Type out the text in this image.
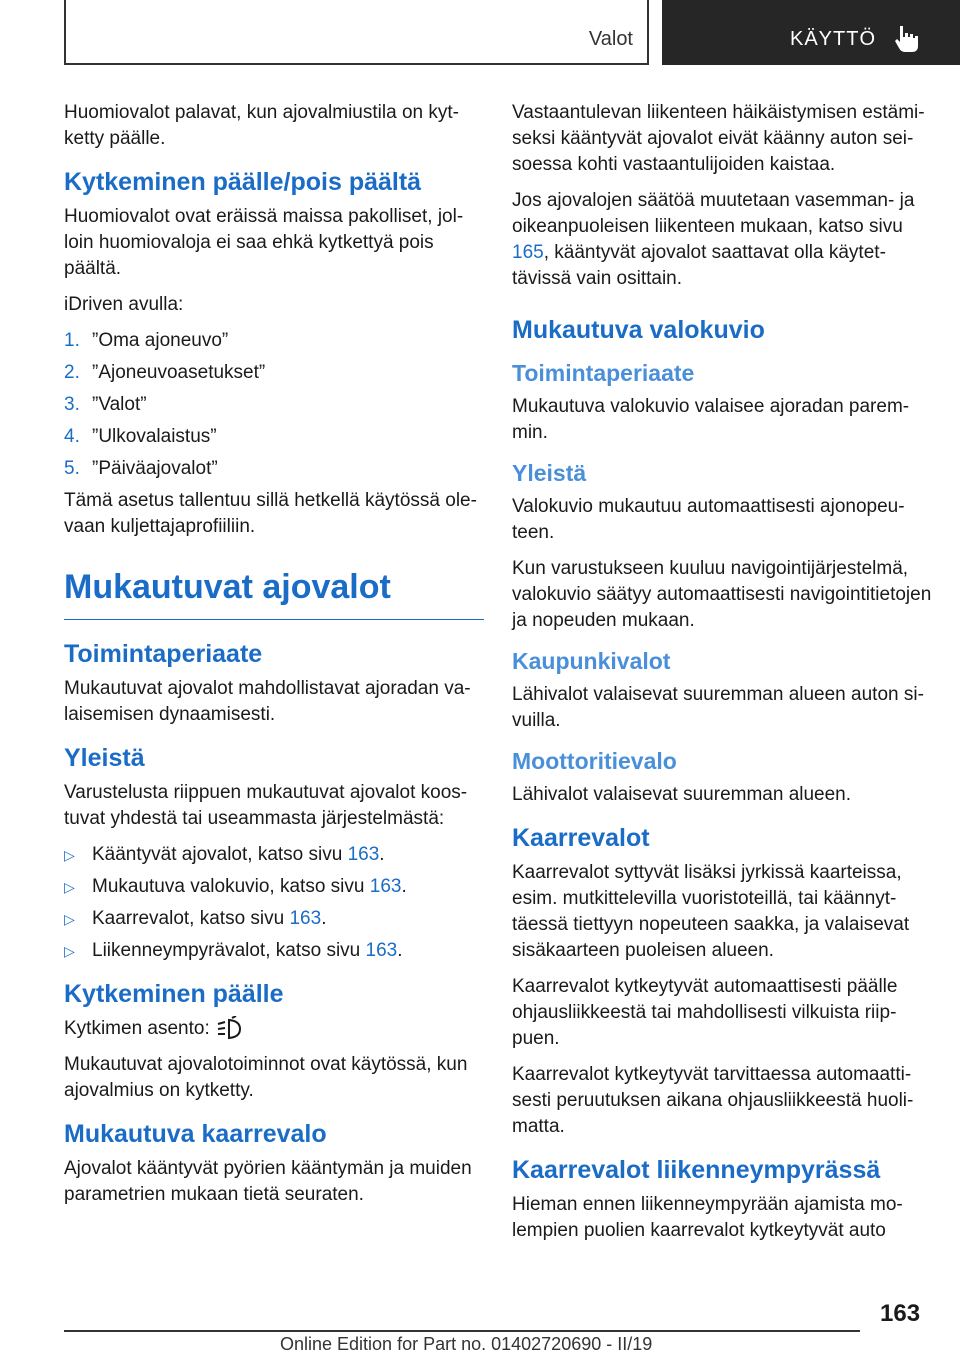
Valot	KÄYTTÖ

Huomiovalot palavat, kun ajovalmiustila on kytketty päälle.

Kytkeminen päälle/pois päältä

Huomiovalot ovat eräissä maissa pakolliset, jolloin huomiovaloja ei saa ehkä kytkettyä pois päältä.

iDriven avulla:

1. ”Oma ajoneuvo”
2. ”Ajoneuvoasetukset”
3. ”Valot”
4. ”Ulkovalaistus”
5. ”Päiväajovalot”

Tämä asetus tallentuu sillä hetkellä käytössä olevaan kuljettajaprofiiliin.

Mukautuvat ajovalot
Toimintaperiaate

Mukautuvat ajovalot mahdollistavat ajoradan valaisemisen dynaamisesti.

Yleistä

Varustelusta riippuen mukautuvat ajovalot koostuvat yhdestä tai useammasta järjestelmästä:

▷ Kääntyvät ajovalot, katso sivu 163.
▷ Mukautuva valokuvio, katso sivu 163.
▷ Kaarrevalot, katso sivu 163.
▷ Liikenneympyrävalot, katso sivu 163.
Kytkeminen päälle

Kytkimen asento:

Mukautuvat ajovalotoiminnot ovat käytössä, kun ajovalmius on kytketty.

Mukautuva kaarrevalo

Ajovalot kääntyvät pyörien kääntymän ja muiden parametrien mukaan tietä seuraten.

Vastaantulevan liikenteen häikäistymisen estämiseksi kääntyvät ajovalot eivät käänny auton seisoessa kohti vastaantulijoiden kaistaa.

Jos ajovalojen säätöä muutetaan vasemman- ja oikeanpuoleisen liikenteen mukaan, katso sivu 165, kääntyvät ajovalot saattavat olla käytettävissä vain osittain.

Mukautuva valokuvio
Toimintaperiaate

Mukautuva valokuvio valaisee ajoradan paremmin.

Yleistä

Valokuvio mukautuu automaattisesti ajonopeuteen.

Kun varustukseen kuuluu navigointijärjestelmä, valokuvio säätyy automaattisesti navigointitietojen ja nopeuden mukaan.

Kaupunkivalot

Lähivalot valaisevat suuremman alueen auton sivuilla.

Moottoritievalo

Lähivalot valaisevat suuremman alueen.

Kaarrevalot

Kaarrevalot syttyvät lisäksi jyrkissä kaarteissa, esim. mutkittelevilla vuoristoteillä, tai käännyttäessä tiettyyn nopeuteen saakka, ja valaisevat sisäkaarteen puoleisen alueen.

Kaarrevalot kytkeytyvät automaattisesti päälle ohjausliikkeestä tai mahdollisesti vilkuista riippuen.

Kaarrevalot kytkeytyvät tarvittaessa automaattisesti peruutuksen aikana ohjausliikkeestä huolimatta.

Kaarrevalot liikenneympyrässä

Hieman ennen liikenneympyrään ajamista molempien puolien kaarrevalot kytkeytyvät auto

163
Online Edition for Part no. 01402720690 - II/19
